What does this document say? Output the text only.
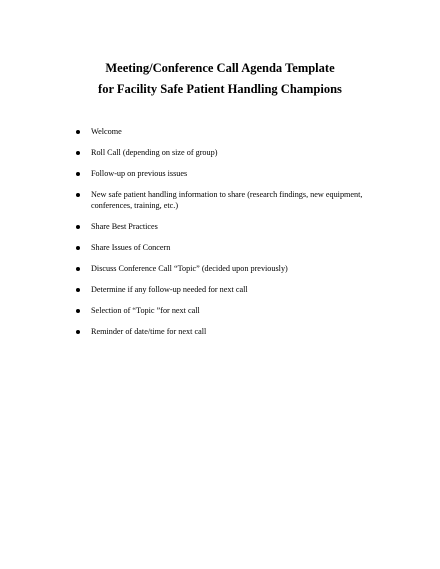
Meeting/Conference Call Agenda Template
for Facility Safe Patient Handling Champions
Welcome
Roll Call (depending on size of group)
Follow-up on previous issues
New safe patient handling information to share (research findings, new equipment, conferences, training, etc.)
Share Best Practices
Share Issues of Concern
Discuss Conference Call “Topic” (decided upon previously)
Determine if any follow-up needed for next call
Selection of “Topic ”for next call
Reminder of date/time for next call
